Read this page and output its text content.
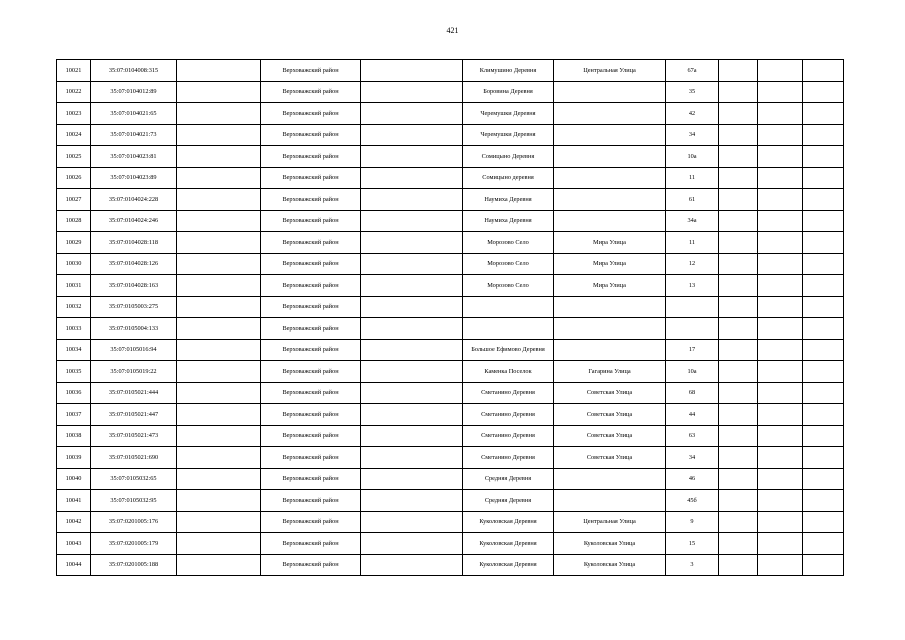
421
10021	35:07:0104008:315		Верховажский район		Климушино Деревня	Центральная Улица	67а			
10022	35:07:0104012:89		Верховажский район		Боровина Деревня		35			
10023	35:07:0104021:65		Верховажский район		Черемушки Деревня		42			
10024	35:07:0104021:73		Верховажский район		Черемушки Деревня		34			
10025	35:07:0104023:81		Верховажский район		Сомицыно Деревня		10а			
10026	35:07:0104023:89		Верховажский район		Сомицыно деревня		11			
10027	35:07:0104024:228		Верховажский район		Наумиха Деревня		61			
10028	35:07:0104024:246		Верховажский район		Наумиха Деревня		34а			
10029	35:07:0104028:118		Верховажский район		Морозово Село	Мира Улица	11			
10030	35:07:0104028:126		Верховажский район		Морозово Село	Мира Улица	12			
10031	35:07:0104028:163		Верховажский район		Морозово Село	Мира Улица	13			
10032	35:07:0105003:275		Верховажский район							
10033	35:07:0105004:133		Верховажский район							
10034	35:07:0105016:94		Верховажский район		Большое Ефимово Деревня		17			
10035	35:07:0105019:22		Верховажский район		Каменка Поселок	Гагарина Улица	10а			
10036	35:07:0105021:444		Верховажский район		Сметанино Деревня	Советская Улица	68			
10037	35:07:0105021:447		Верховажский район		Сметанино Деревня	Советская Улица	44			
10038	35:07:0105021:473		Верховажский район		Сметанино Деревня	Советская Улица	63			
10039	35:07:0105021:690		Верховажский район		Сметанино Деревня	Советская Улица	34			
10040	35:07:0105032:65		Верховажский район		Средняя Деревня		46			
10041	35:07:0105032:95		Верховажский район		Средняя Деревня		45б			
10042	35:07:0201005:176		Верховажский район		Куколовская Деревня	Центральная Улица	9			
10043	35:07:0201005:179		Верховажский район		Куколовская Деревня	Куколовская Улица	15			
10044	35:07:0201005:188		Верховажский район		Куколовская Деревня	Куколовская Улица	3			
